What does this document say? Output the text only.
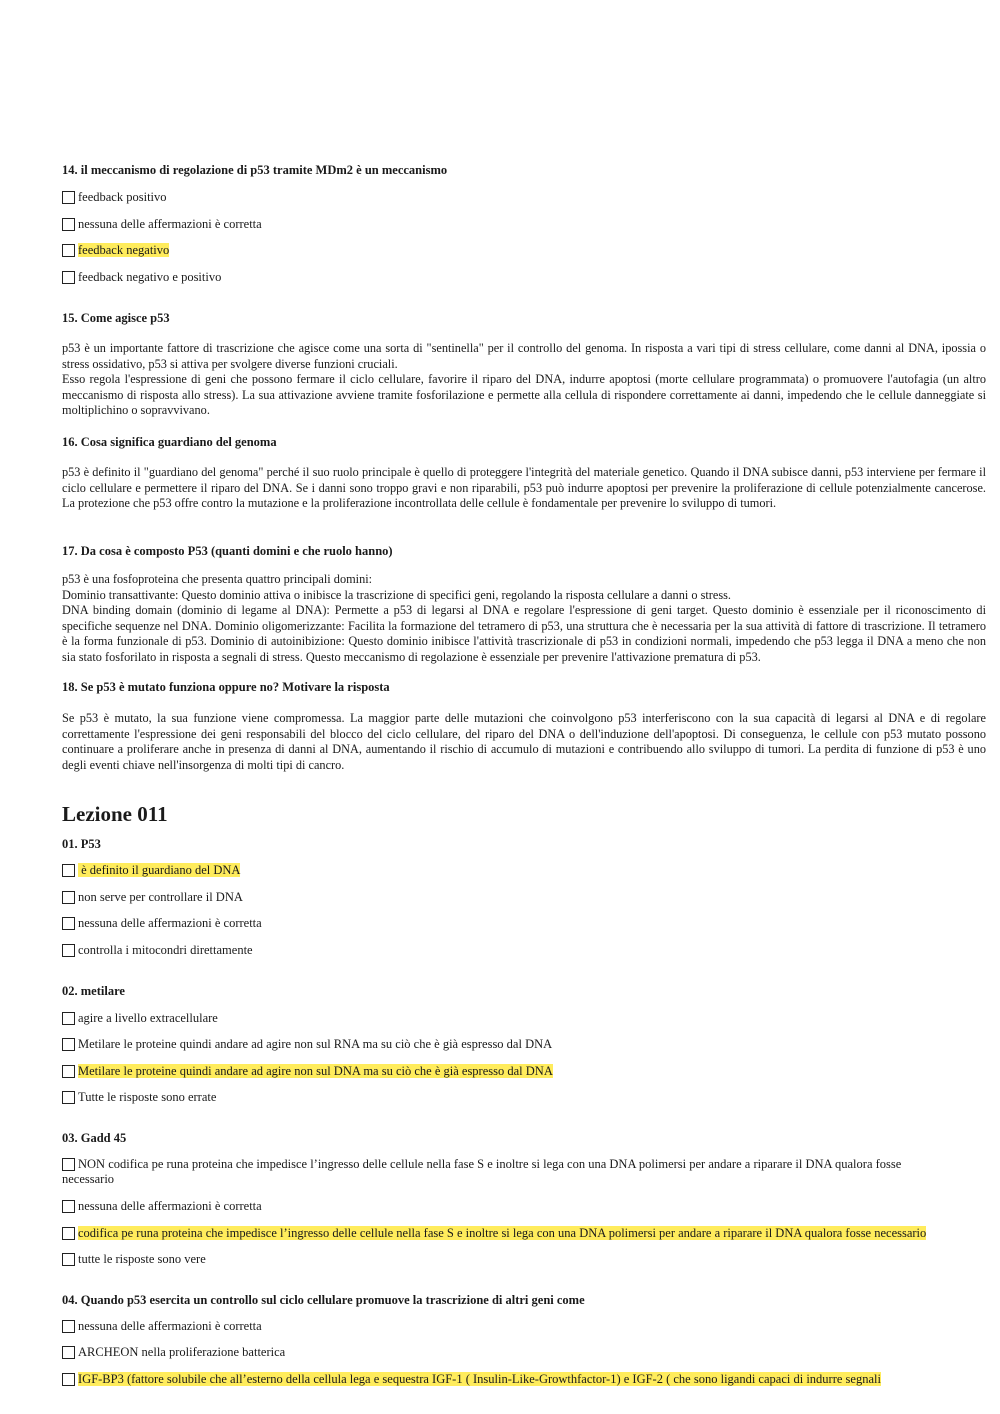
14. il meccanismo di regolazione di p53 tramite MDm2 è un meccanismo
feedback positivo
nessuna delle affermazioni è corretta
feedback negativo
feedback negativo e positivo
15. Come agisce p53

p53 è un importante fattore di trascrizione che agisce come una sorta di "sentinella" per il controllo del genoma. In risposta a vari tipi di stress cellulare, come danni al DNA, ipossia o stress ossidativo, p53 si attiva per svolgere diverse funzioni cruciali.

Esso regola l'espressione di geni che possono fermare il ciclo cellulare, favorire il riparo del DNA, indurre apoptosi (morte cellulare programmata) o promuovere l'autofagia (un altro meccanismo di risposta allo stress). La sua attivazione avviene tramite fosforilazione e permette alla cellula di rispondere correttamente ai danni, impedendo che le cellule danneggiate si moltiplichino o sopravvivano.

16. Cosa significa guardiano del genoma

p53 è definito il "guardiano del genoma" perché il suo ruolo principale è quello di proteggere l'integrità del materiale genetico. Quando il DNA subisce danni, p53 interviene per fermare il ciclo cellulare e permettere il riparo del DNA. Se i danni sono troppo gravi e non riparabili, p53 può indurre apoptosi per prevenire la proliferazione di cellule potenzialmente cancerose. La protezione che p53 offre contro la mutazione e la proliferazione incontrollata delle cellule è fondamentale per prevenire lo sviluppo di tumori.

17. Da cosa è composto P53 (quanti domini e che ruolo hanno)

p53 è una fosfoproteina che presenta quattro principali domini:

Dominio transattivante: Questo dominio attiva o inibisce la trascrizione di specifici geni, regolando la risposta cellulare a danni o stress.

DNA binding domain (dominio di legame al DNA): Permette a p53 di legarsi al DNA e regolare l'espressione di geni target. Questo dominio è essenziale per il riconoscimento di specifiche sequenze nel DNA. Dominio oligomerizzante: Facilita la formazione del tetramero di p53, una struttura che è necessaria per la sua attività di fattore di trascrizione. Il tetramero è la forma funzionale di p53. Dominio di autoinibizione: Questo dominio inibisce l'attività trascrizionale di p53 in condizioni normali, impedendo che p53 legga il DNA a meno che non sia stato fosforilato in risposta a segnali di stress. Questo meccanismo di regolazione è essenziale per prevenire l'attivazione prematura di p53.

18. Se p53 è mutato funziona oppure no? Motivare la risposta

Se p53 è mutato, la sua funzione viene compromessa. La maggior parte delle mutazioni che coinvolgono p53 interferiscono con la sua capacità di legarsi al DNA e di regolare correttamente l'espressione dei geni responsabili del blocco del ciclo cellulare, del riparo del DNA o dell'induzione dell'apoptosi. Di conseguenza, le cellule con p53 mutato possono continuare a proliferare anche in presenza di danni al DNA, aumentando il rischio di accumulo di mutazioni e contribuendo allo sviluppo di tumori. La perdita di funzione di p53 è uno degli eventi chiave nell'insorgenza di molti tipi di cancro.

Lezione 011
01. P53
è definito il guardiano del DNA
non serve per controllare il DNA
nessuna delle affermazioni è corretta
controlla i mitocondri direttamente
02. metilare
agire a livello extracellulare
Metilare le proteine quindi andare ad agire non sul RNA ma su ciò che è già espresso dal DNA
Metilare le proteine quindi andare ad agire non sul DNA ma su ciò che è già espresso dal DNA
Tutte le risposte sono errate
03. Gadd 45
NON codifica pe runa proteina che impedisce l’ingresso delle cellule nella fase S e inoltre si lega con una DNA polimersi per andare a riparare il DNA qualora fosse necessario
nessuna delle affermazioni è corretta
codifica pe runa proteina che impedisce l’ingresso delle cellule nella fase S e inoltre si lega con una DNA polimersi per andare a riparare il DNA qualora fosse necessario
tutte le risposte sono vere
04. Quando p53 esercita un controllo sul ciclo cellulare promuove la trascrizione di altri geni come
nessuna delle affermazioni è corretta
ARCHEON nella proliferazione batterica
IGF-BP3 (fattore solubile che all’esterno della cellula lega e sequestra IGF-1 ( Insulin-Like-Growthfactor-1) e IGF-2 ( che sono ligandi capaci di indurre segnali
